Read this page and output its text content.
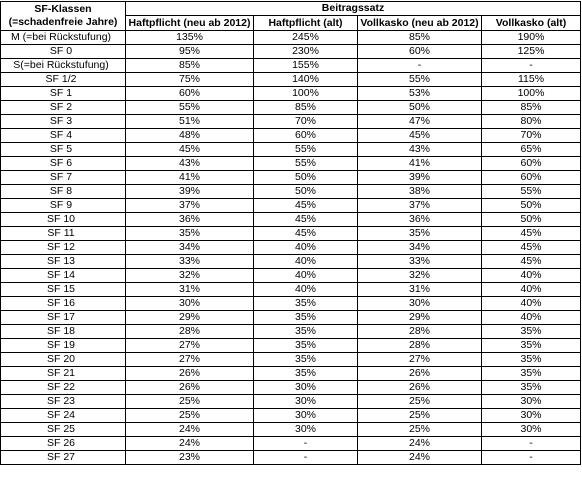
SF-Klassen
(=schadenfreie Jahre)	Beitragssatz			
	Haftpflicht (neu ab 2012)	Haftpflicht (alt)	Vollkasko (neu ab 2012)	Vollkasko (alt)
M (=bei Rückstufung)	135%	245%	85%	190%
SF 0	95%	230%	60%	125%
S(=bei Rückstufung)	85%	155%	-	-
SF 1/2	75%	140%	55%	115%
SF 1	60%	100%	53%	100%
SF 2	55%	85%	50%	85%
SF 3	51%	70%	47%	80%
SF 4	48%	60%	45%	70%
SF 5	45%	55%	43%	65%
SF 6	43%	55%	41%	60%
SF 7	41%	50%	39%	60%
SF 8	39%	50%	38%	55%
SF 9	37%	45%	37%	50%
SF 10	36%	45%	36%	50%
SF 11	35%	45%	35%	45%
SF 12	34%	40%	34%	45%
SF 13	33%	40%	33%	45%
SF 14	32%	40%	32%	40%
SF 15	31%	40%	31%	40%
SF 16	30%	35%	30%	40%
SF 17	29%	35%	29%	40%
SF 18	28%	35%	28%	35%
SF 19	27%	35%	28%	35%
SF 20	27%	35%	27%	35%
SF 21	26%	35%	26%	35%
SF 22	26%	30%	26%	35%
SF 23	25%	30%	25%	30%
SF 24	25%	30%	25%	30%
SF 25	24%	30%	25%	30%
SF 26	24%	-	24%	-
SF 27	23%	-	24%	-
